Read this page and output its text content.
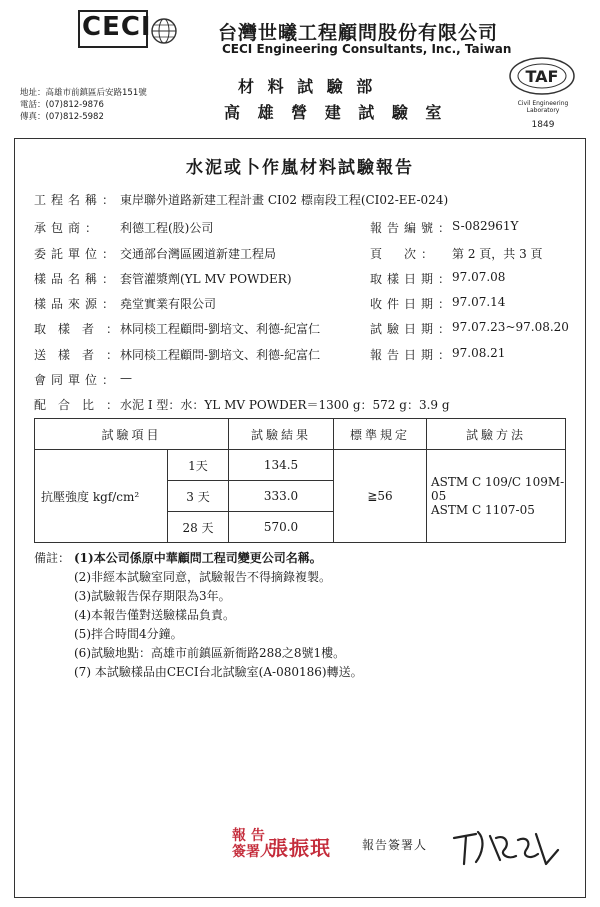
CECI	台灣世曦工程顧問股份有限公司
CECI Engineering Consultants, Inc., Taiwan
地址：高雄市前鎮區后安路151號
電話：(07)812-9876
傳真：(07)812-5982
材 料 試 驗 部
高 雄 營 建 試 驗 室
TAF
Civil Engineering
Laboratory
1849
水泥或卜作嵐材料試驗報告
工程名稱： 東岸聯外道路新建工程計畫 CI02 標南段工程(CI02-EE-024)
承包商： 利德工程(股)公司	報告編號：
S-082961Y
委託單位： 交通部台灣區國道新建工程局	頁　次： 第 2 頁，共 3 頁
樣品名稱： 套管灌漿劑(YL MV POWDER)	取樣日期：
97.07.08
樣品來源： 堯堂實業有限公司	收件日期：
97.07.14
取樣者：
林同棪工程顧問-劉培文、利德-紀富仁	試驗日期：
97.07.23~97.08.20
送樣者：
林同棪工程顧問-劉培文、利德-紀富仁	報告日期：
97.08.21
會同單位： —
配合比：
水泥 I 型：水：YL MV POWDER＝1300 g：572 g：3.9 g
試驗項目		試驗結果	標準規定	試驗方法
抗壓強度 kgf/cm²	1天	134.5	≧56	ASTM C 109/C 109M-05
ASTM C 1107-05

	3 天	333.0		
	28 天	570.0		
備註： (1)本公司係原中華顧問工程司變更公司名稱。
(2)非經本試驗室同意，試驗報告不得摘錄複製。
(3)試驗報告保存期限為3年。
(4)本報告僅對送驗樣品負責。
(5)拌合時間4分鐘。
(6)試驗地點：高雄市前鎮區新衙路288之8號1樓。
(7) 本試驗樣品由CECI台北試驗室(A-080186)轉送。
報 告
簽署人
張振珉	報告簽署人
